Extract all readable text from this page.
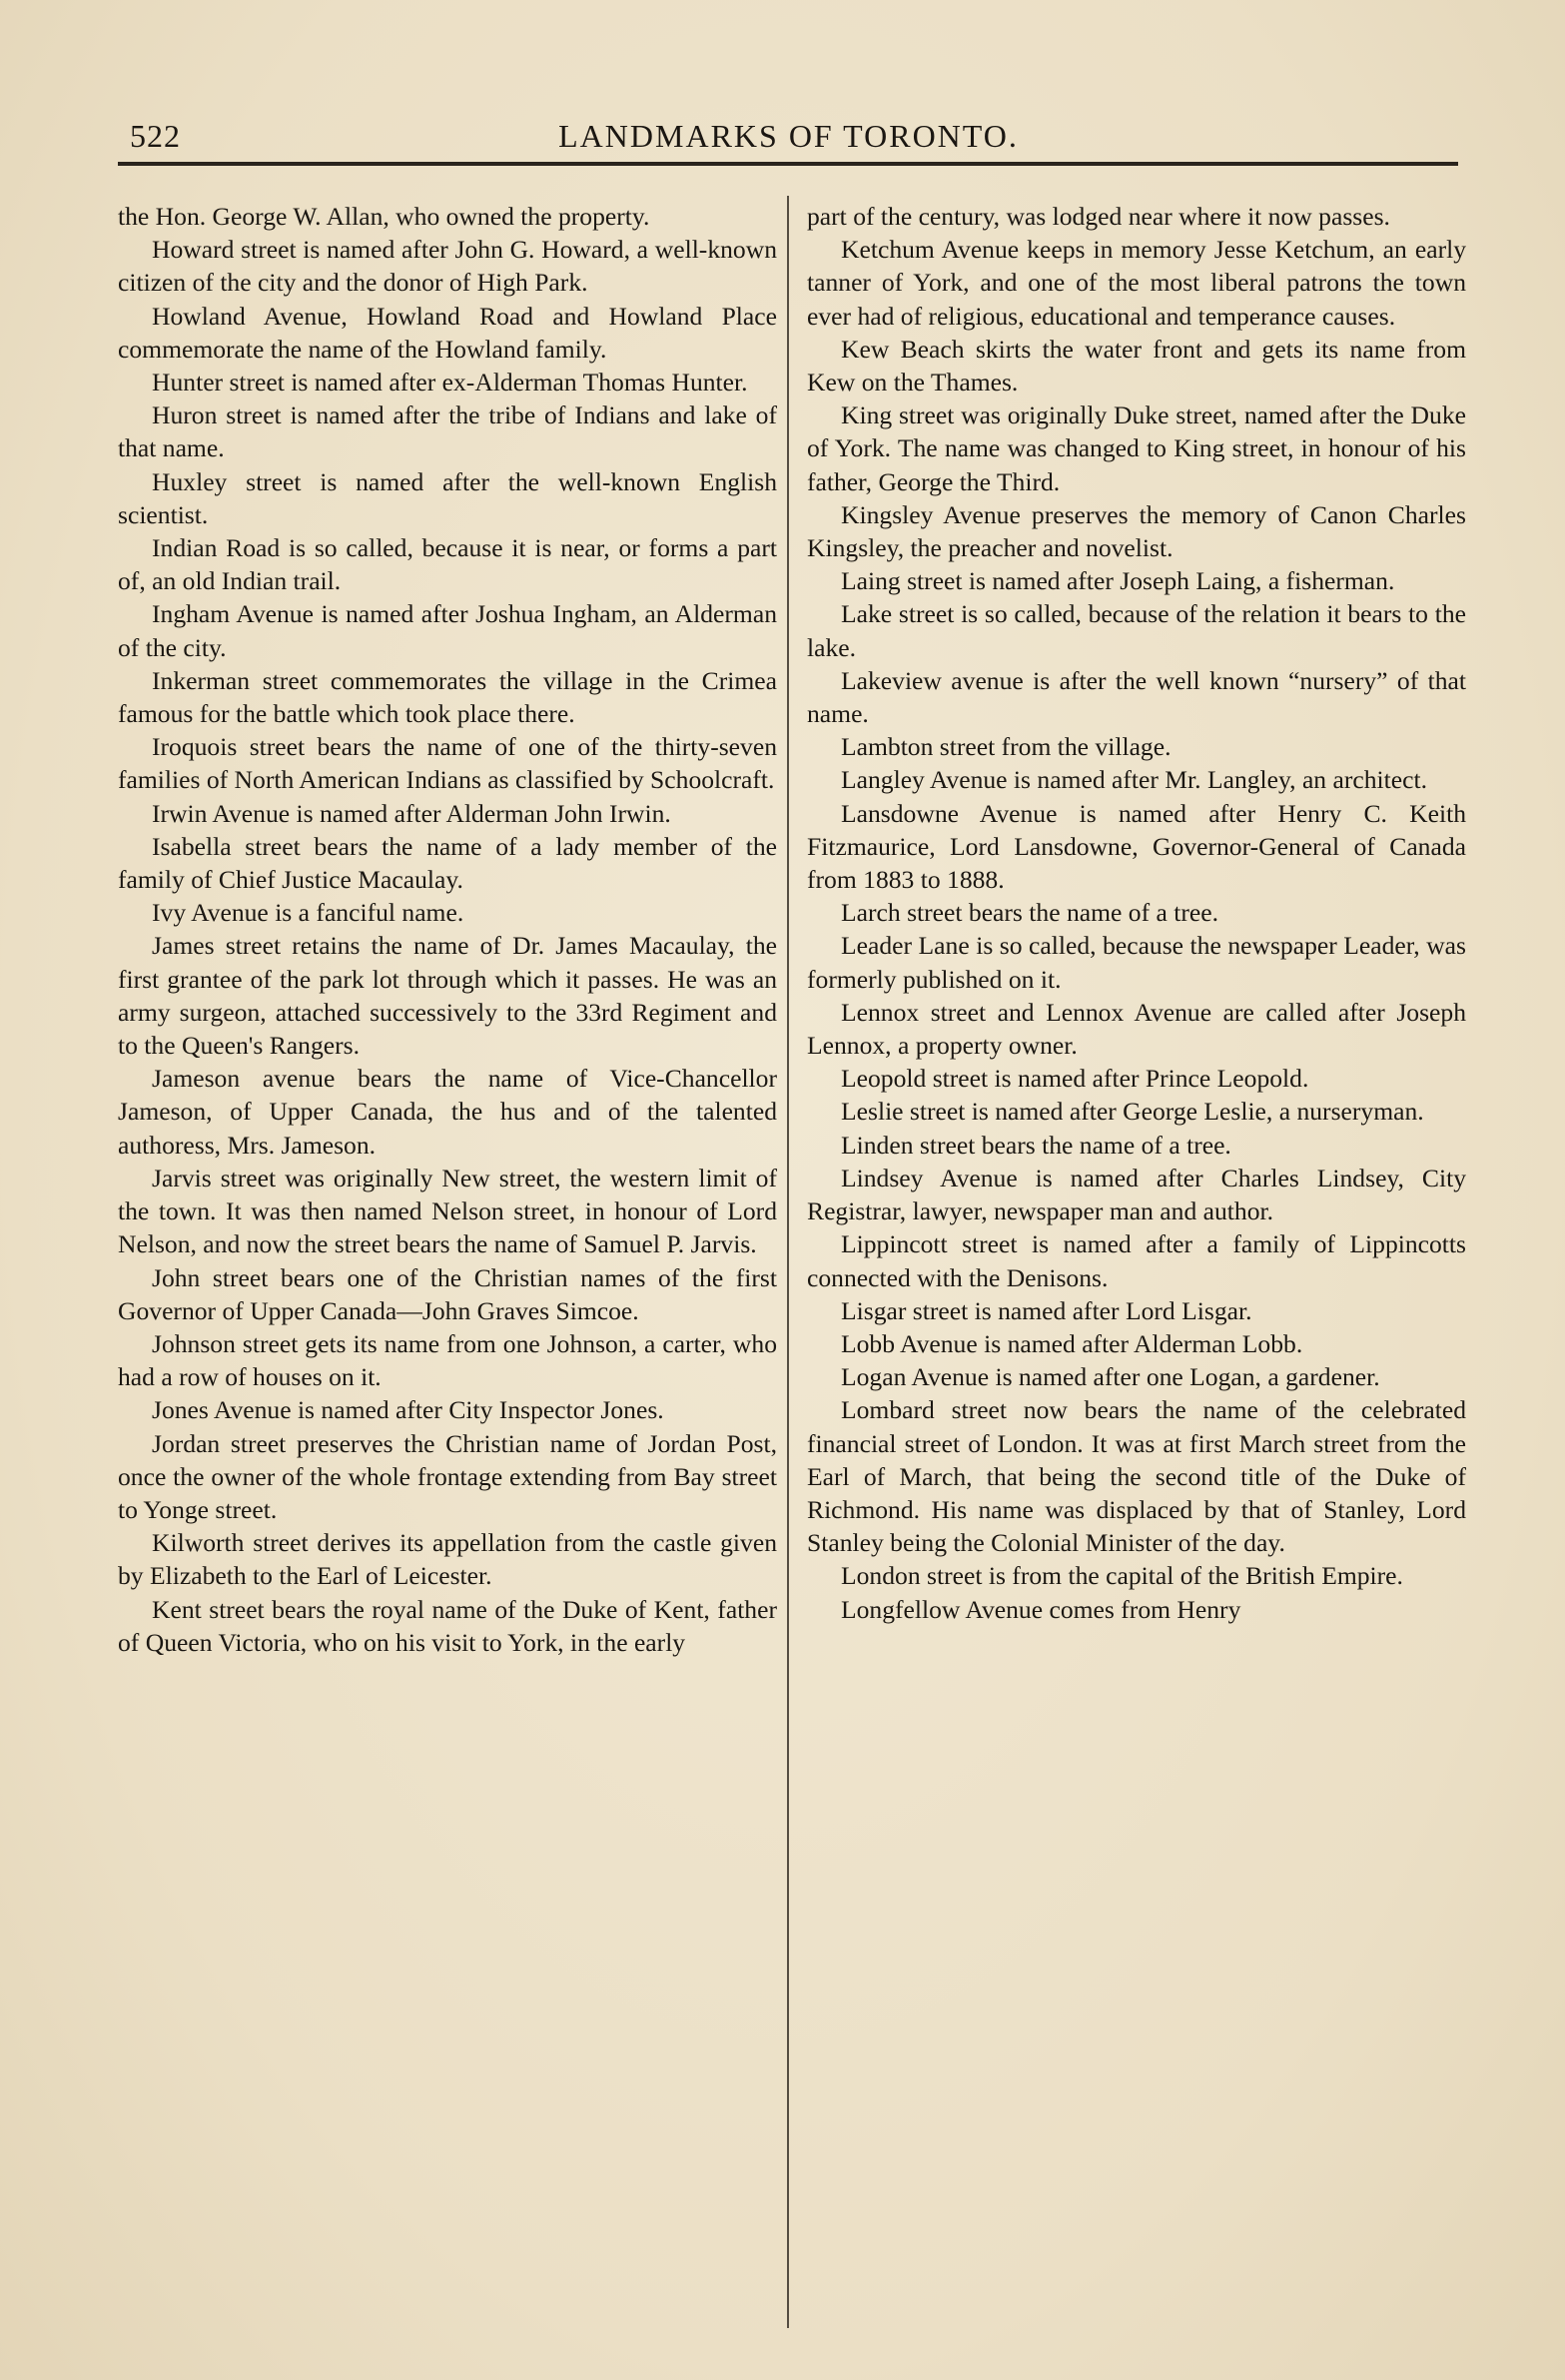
522	LANDMARKS OF TORONTO.

the Hon. George W. Allan, who owned the property.

Howard street is named after John G. Howard, a well-known citizen of the city and the donor of High Park.

Howland Avenue, Howland Road and Howland Place commemorate the name of the Howland family.

Hunter street is named after ex-Alderman Thomas Hunter.

Huron street is named after the tribe of Indians and lake of that name.

Huxley street is named after the well-known English scientist.

Indian Road is so called, because it is near, or forms a part of, an old Indian trail.

Ingham Avenue is named after Joshua Ingham, an Alderman of the city.

Inkerman street commemorates the village in the Crimea famous for the battle which took place there.

Iroquois street bears the name of one of the thirty-seven families of North American Indians as classified by Schoolcraft.

Irwin Avenue is named after Alderman John Irwin.

Isabella street bears the name of a lady member of the family of Chief Justice Macaulay.

Ivy Avenue is a fanciful name.

James street retains the name of Dr. James Macaulay, the first grantee of the park lot through which it passes. He was an army surgeon, attached successively to the 33rd Regiment and to the Queen's Rangers.

Jameson avenue bears the name of Vice-Chancellor Jameson, of Upper Canada, the hus and of the talented authoress, Mrs. Jameson.

Jarvis street was originally New street, the western limit of the town. It was then named Nelson street, in honour of Lord Nelson, and now the street bears the name of Samuel P. Jarvis.

John street bears one of the Christian names of the first Governor of Upper Canada—John Graves Simcoe.

Johnson street gets its name from one Johnson, a carter, who had a row of houses on it.

Jones Avenue is named after City Inspector Jones.

Jordan street preserves the Christian name of Jordan Post, once the owner of the whole frontage extending from Bay street to Yonge street.

Kilworth street derives its appellation from the castle given by Elizabeth to the Earl of Leicester.

Kent street bears the royal name of the Duke of Kent, father of Queen Victoria, who on his visit to York, in the early

part of the century, was lodged near where it now passes.

Ketchum Avenue keeps in memory Jesse Ketchum, an early tanner of York, and one of the most liberal patrons the town ever had of religious, educational and temperance causes.

Kew Beach skirts the water front and gets its name from Kew on the Thames.

King street was originally Duke street, named after the Duke of York. The name was changed to King street, in honour of his father, George the Third.

Kingsley Avenue preserves the memory of Canon Charles Kingsley, the preacher and novelist.

Laing street is named after Joseph Laing, a fisherman.

Lake street is so called, because of the relation it bears to the lake.

Lakeview avenue is after the well known “nursery” of that name.

Lambton street from the village.

Langley Avenue is named after Mr. Langley, an architect.

Lansdowne Avenue is named after Henry C. Keith Fitzmaurice, Lord Lansdowne, Governor-General of Canada from 1883 to 1888.

Larch street bears the name of a tree.

Leader Lane is so called, because the newspaper Leader, was formerly published on it.

Lennox street and Lennox Avenue are called after Joseph Lennox, a property owner.

Leopold street is named after Prince Leopold.

Leslie street is named after George Leslie, a nurseryman.

Linden street bears the name of a tree.

Lindsey Avenue is named after Charles Lindsey, City Registrar, lawyer, newspaper man and author.

Lippincott street is named after a family of Lippincotts connected with the Denisons.

Lisgar street is named after Lord Lisgar.

Lobb Avenue is named after Alderman Lobb.

Logan Avenue is named after one Logan, a gardener.

Lombard street now bears the name of the celebrated financial street of London. It was at first March street from the Earl of March, that being the second title of the Duke of Richmond. His name was displaced by that of Stanley, Lord Stanley being the Colonial Minister of the day.

London street is from the capital of the British Empire.

Longfellow Avenue comes from Henry
